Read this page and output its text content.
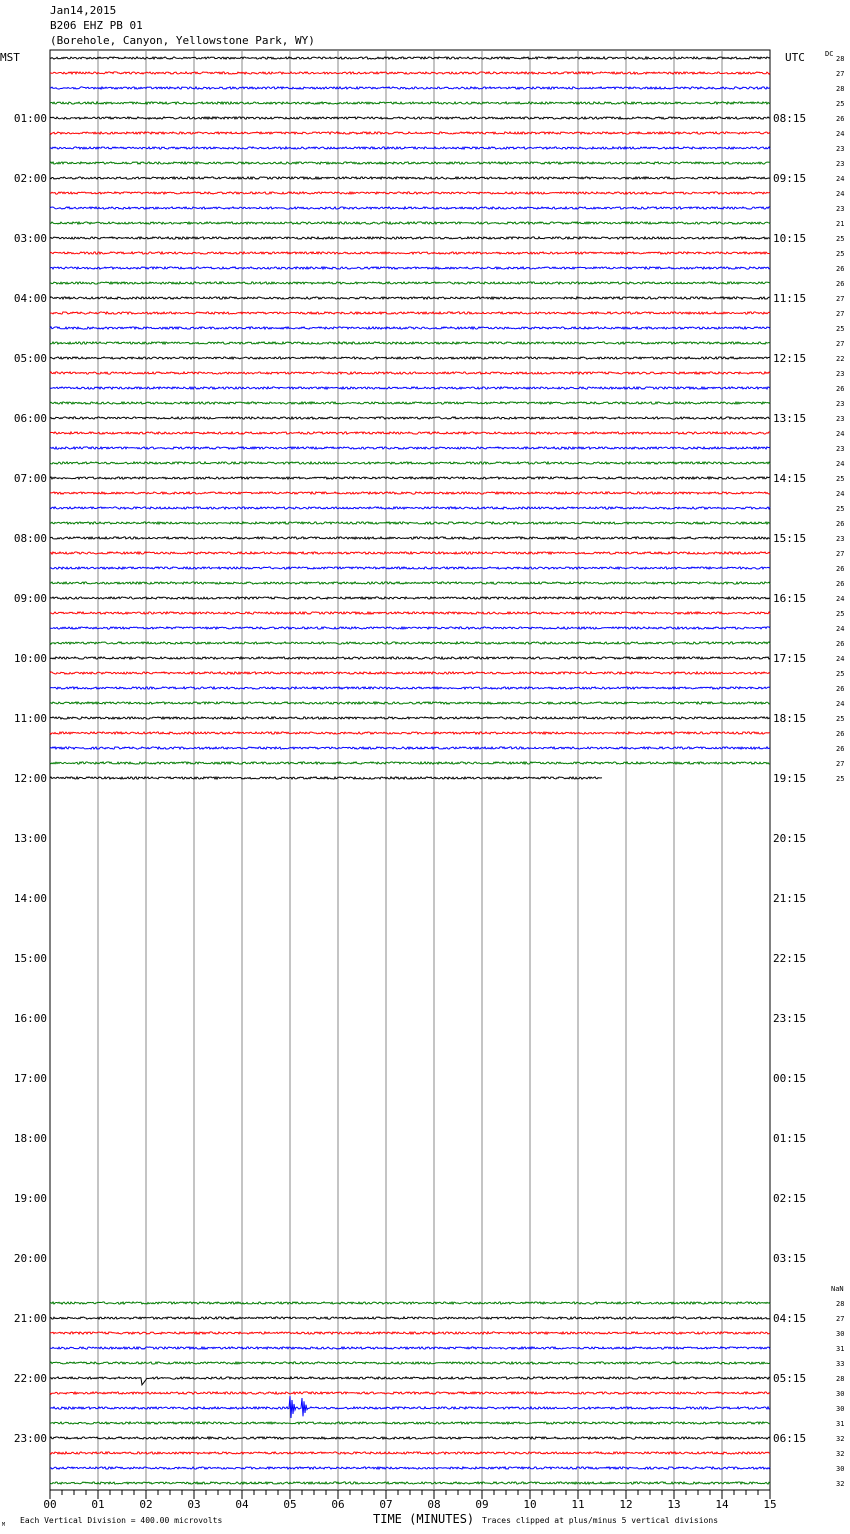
Jan14,2015
B206 EHZ PB 01
(Borehole, Canyon, Yellowstone Park, WY)
MST	UTC	DC
NaN
01:00
02:00
03:00
04:00
05:00
06:00
07:00
08:00
09:00
10:00
11:00
12:00
13:00
14:00
15:00
16:00
17:00
18:00
19:00
20:00
21:00
22:00
23:00
08:15
09:15
10:15
11:15
12:15
13:15
14:15
15:15
16:15
17:15
18:15
19:15
20:15
21:15
22:15
23:15
00:15
01:15
02:15
03:15
04:15
05:15
06:15
28
27
28
25
26
24
23
23
24
24
23
21
25
25
26
26
27
27
25
27
22
23
26
23
23
24
23
24
25
24
25
26
23
27
26
26
24
25
24
26
24
25
26
24
25
26
26
27
25
28
27
30
31
33
28
30
30
31
32
32
30
32
00	01	02	03	04	05	06	07	08	09	10	11	12	13	14	15
TIME (MINUTES)
Each Vertical Division = 400.00 microvolts	Traces clipped at plus/minus 5 vertical divisions
M
